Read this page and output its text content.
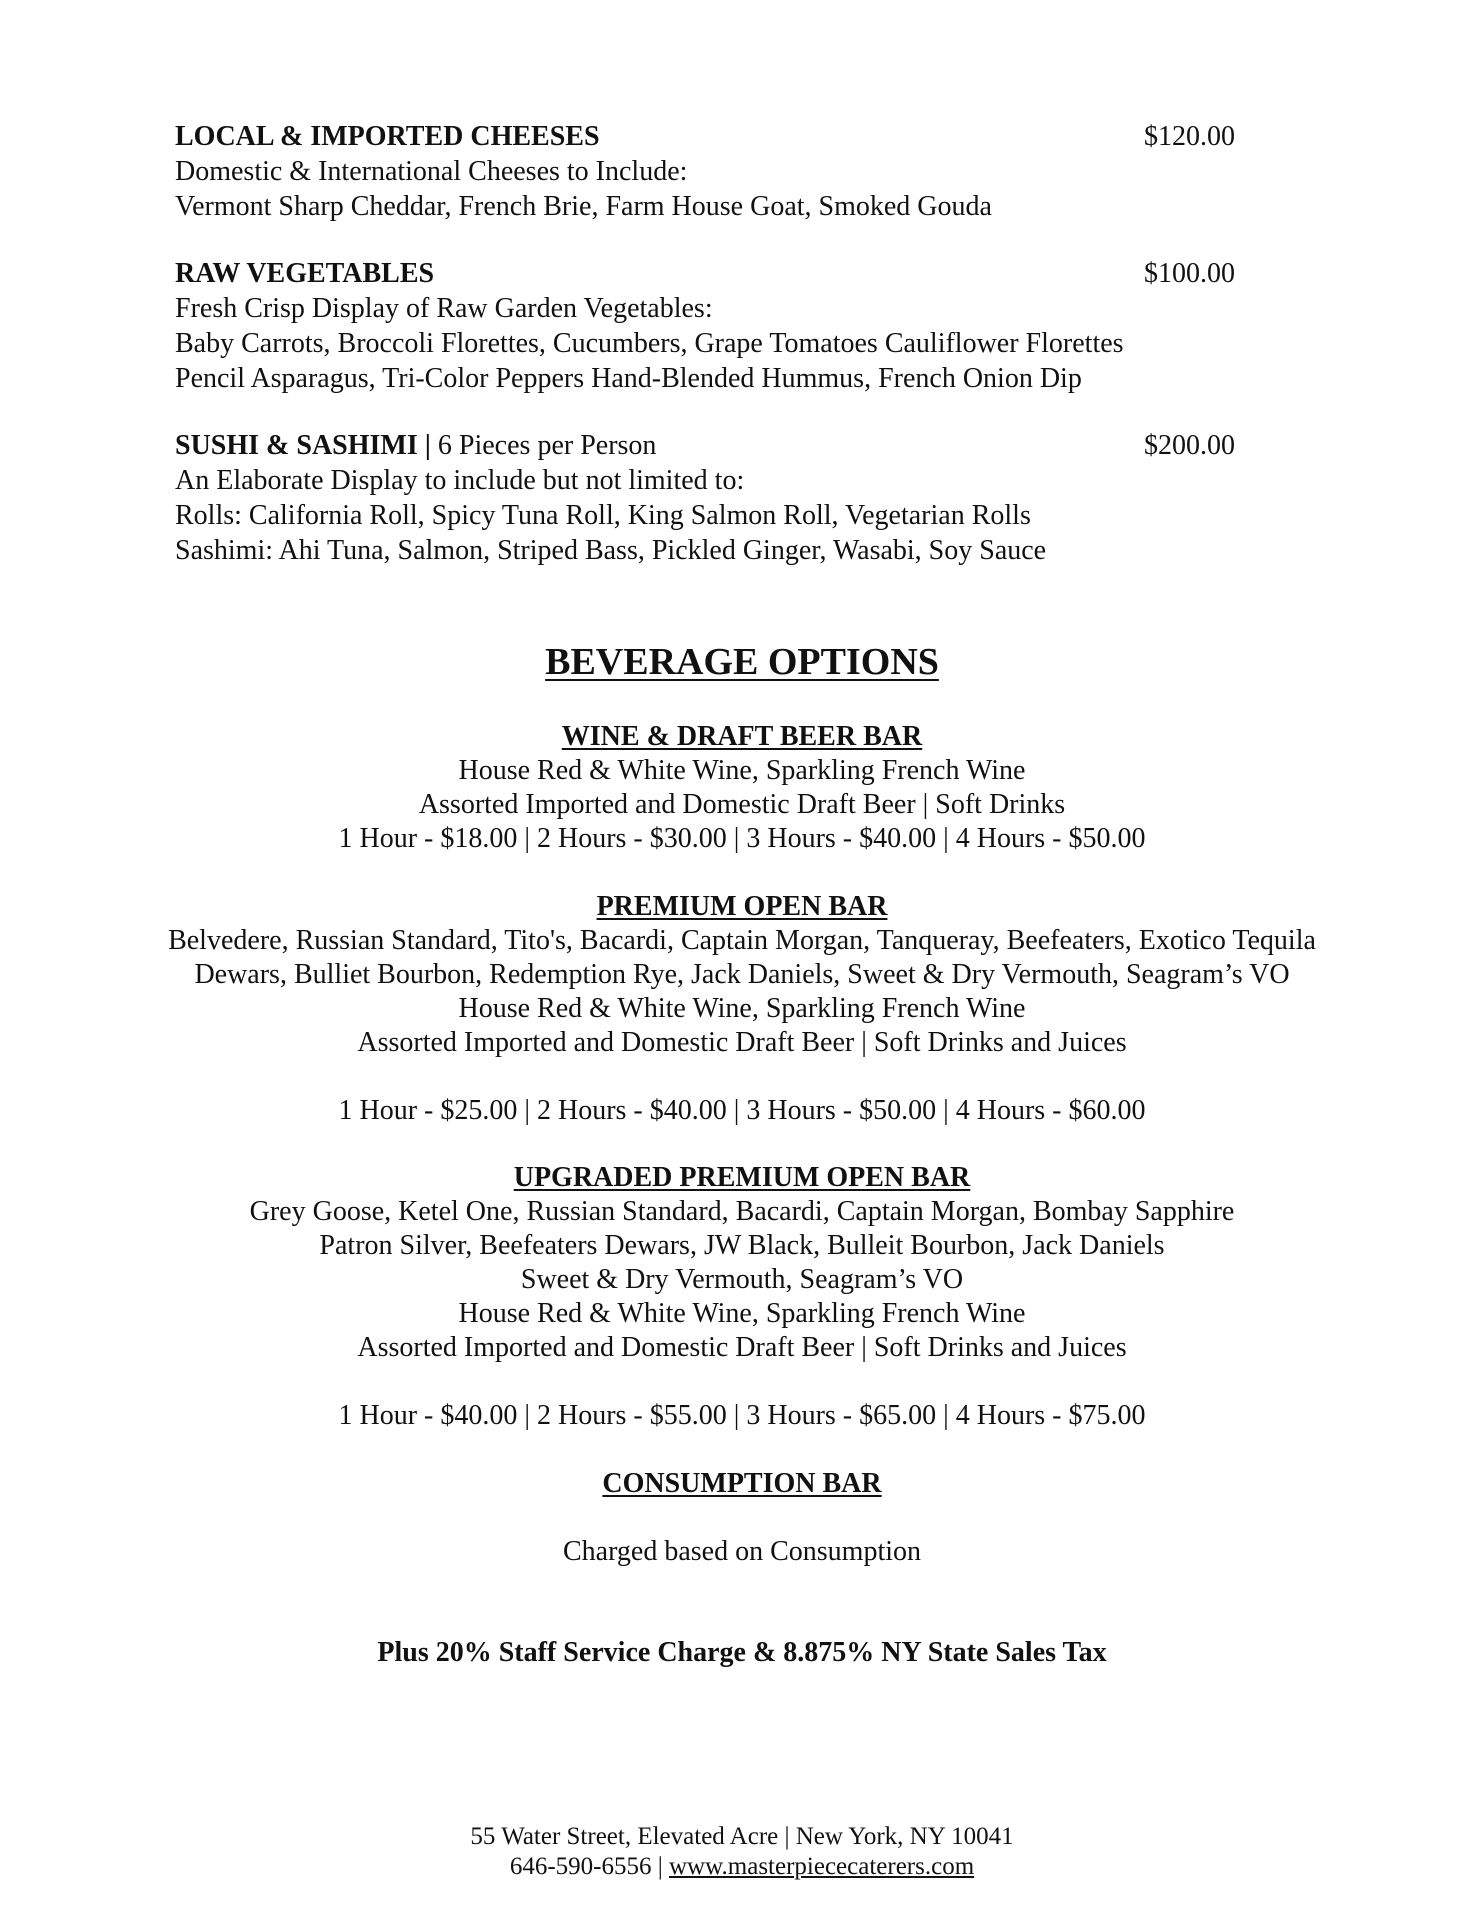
LOCAL & IMPORTED CHEESES	$120.00
Domestic & International Cheeses to Include:
Vermont Sharp Cheddar, French Brie, Farm House Goat, Smoked Gouda
RAW VEGETABLES	$100.00
Fresh Crisp Display of Raw Garden Vegetables:
Baby Carrots, Broccoli Florettes, Cucumbers, Grape Tomatoes Cauliflower Florettes
Pencil Asparagus, Tri-Color Peppers Hand-Blended Hummus, French Onion Dip
SUSHI & SASHIMI | 6 Pieces per Person	$200.00
An Elaborate Display to include but not limited to:
Rolls: California Roll, Spicy Tuna Roll, King Salmon Roll, Vegetarian Rolls
Sashimi: Ahi Tuna, Salmon, Striped Bass, Pickled Ginger, Wasabi, Soy Sauce
BEVERAGE OPTIONS
WINE & DRAFT BEER BAR
House Red & White Wine, Sparkling French Wine
Assorted Imported and Domestic Draft Beer | Soft Drinks
1 Hour - $18.00 | 2 Hours - $30.00 | 3 Hours - $40.00 | 4 Hours - $50.00
PREMIUM OPEN BAR
Belvedere, Russian Standard, Tito's, Bacardi, Captain Morgan, Tanqueray, Beefeaters, Exotico Tequila
Dewars, Bulliet Bourbon, Redemption Rye, Jack Daniels, Sweet & Dry Vermouth, Seagram’s VO
House Red & White Wine, Sparkling French Wine
Assorted Imported and Domestic Draft Beer | Soft Drinks and Juices
1 Hour - $25.00 | 2 Hours - $40.00 | 3 Hours - $50.00 | 4 Hours - $60.00
UPGRADED PREMIUM OPEN BAR
Grey Goose, Ketel One, Russian Standard, Bacardi, Captain Morgan, Bombay Sapphire
Patron Silver, Beefeaters Dewars, JW Black, Bulleit Bourbon, Jack Daniels
Sweet & Dry Vermouth, Seagram’s VO
House Red & White Wine, Sparkling French Wine
Assorted Imported and Domestic Draft Beer | Soft Drinks and Juices
1 Hour - $40.00 | 2 Hours - $55.00 | 3 Hours - $65.00 | 4 Hours - $75.00
CONSUMPTION BAR
Charged based on Consumption
Plus 20% Staff Service Charge & 8.875% NY State Sales Tax
55 Water Street, Elevated Acre | New York, NY 10041
646-590-6556 | www.masterpiececaterers.com
